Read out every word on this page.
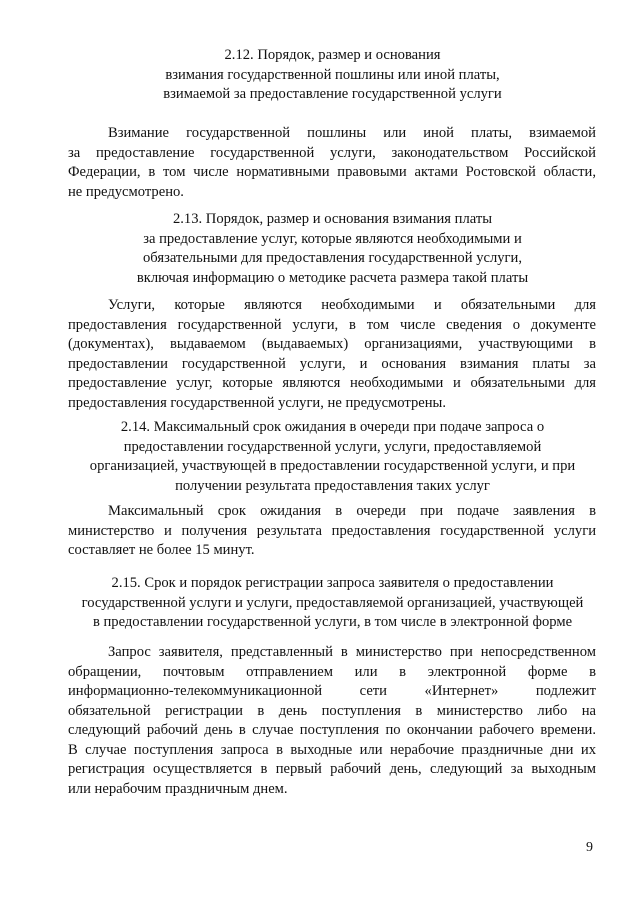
2.12. Порядок, размер и основания
взимания государственной пошлины или иной платы,
взимаемой за предоставление государственной услуги
Взимание государственной пошлины или иной платы, взимаемой
за предоставление государственной услуги, законодательством Российской
Федерации, в том числе нормативными правовыми актами Ростовской области,
не предусмотрено.
2.13. Порядок, размер и основания взимания платы
за предоставление услуг, которые являются необходимыми и
обязательными для предоставления государственной услуги,
включая информацию о методике расчета размера такой платы
Услуги, которые являются необходимыми и обязательными для
предоставления государственной услуги, в том числе сведения о документе
(документах), выдаваемом (выдаваемых) организациями, участвующими в
предоставлении государственной услуги, и основания взимания платы за
предоставление услуг, которые являются необходимыми и обязательными для
предоставления государственной услуги, не предусмотрены.
2.14. Максимальный срок ожидания в очереди при подаче запроса о
предоставлении государственной услуги, услуги, предоставляемой
организацией, участвующей в предоставлении государственной услуги, и при
получении результата предоставления таких услуг
Максимальный срок ожидания в очереди при подаче заявления в
министерство и получения результата предоставления государственной услуги
составляет не более 15 минут.
2.15. Срок и порядок регистрации запроса заявителя о предоставлении
государственной услуги и услуги, предоставляемой организацией, участвующей
в предоставлении государственной услуги, в том числе в электронной форме
Запрос заявителя, представленный в министерство при непосредственном
обращении, почтовым отправлением или в электронной форме в
информационно-телекоммуникационной сети «Интернет» подлежит
обязательной регистрации в день поступления в министерство либо на
следующий рабочий день в случае поступления по окончании рабочего времени.
В случае поступления запроса в выходные или нерабочие праздничные дни их
регистрация осуществляется в первый рабочий день, следующий за выходным
или нерабочим праздничным днем.
9
